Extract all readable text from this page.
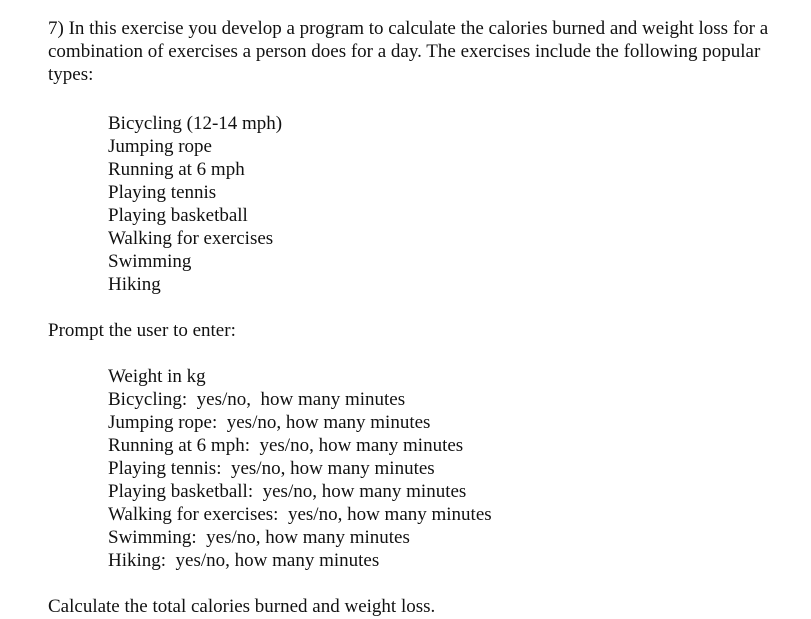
7) In this exercise you develop a program to calculate the calories burned and weight loss for a combination of exercises a person does for a day. The exercises include the following popular types:

Bicycling (12-14 mph)
Jumping rope
Running at 6 mph
Playing tennis
Playing basketball
Walking for exercises
Swimming
Hiking

Prompt the user to enter:

Weight in kg
Bicycling:  yes/no,  how many minutes
Jumping rope:  yes/no, how many minutes
Running at 6 mph:  yes/no, how many minutes
Playing tennis:  yes/no, how many minutes
Playing basketball:  yes/no, how many minutes
Walking for exercises:  yes/no, how many minutes
Swimming:  yes/no, how many minutes
Hiking:  yes/no, how many minutes

Calculate the total calories burned and weight loss.
